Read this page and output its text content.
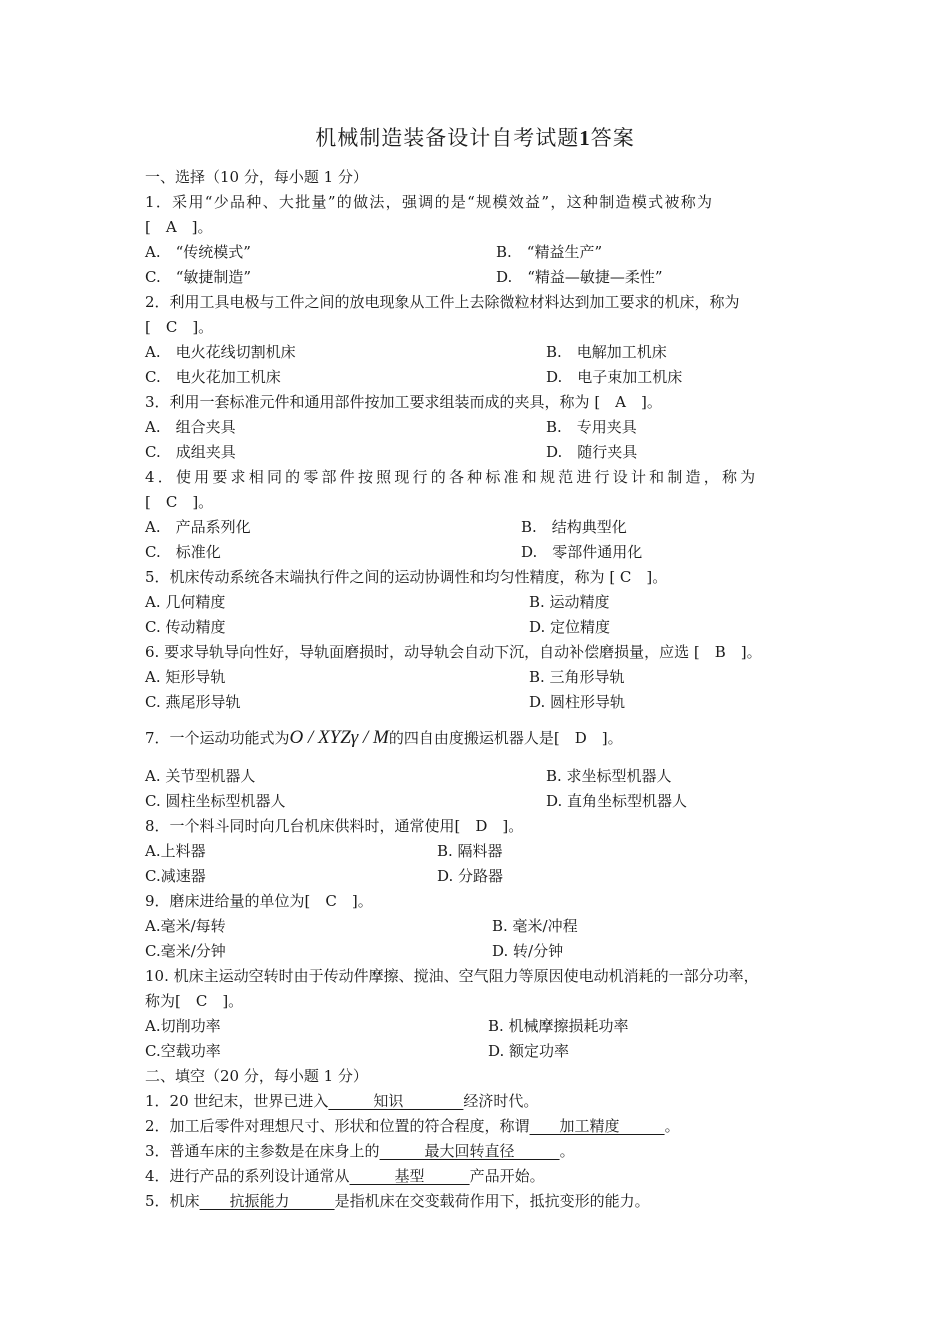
机械制造装备设计自考试题1答案
一、选择（10 分，每小题 1 分）
1．采用“少品种、大批量”的做法，强调的是“规模效益”，这种制造模式被称为
[　A　]。
A.　“传统模式”	B.　“精益生产”
C.　“敏捷制造”	D.　“精益—敏捷—柔性”
2．利用工具电极与工件之间的放电现象从工件上去除微粒材料达到加工要求的机床，称为
[　C　]。
A.　电火花线切割机床	B.　电解加工机床
C.　电火花加工机床	D.　电子束加工机床
3．利用一套标准元件和通用部件按加工要求组装而成的夹具，称为 [　A　]。
A.　组合夹具	B.　专用夹具
C.　成组夹具	D.　随行夹具
4．使用要求相同的零部件按照现行的各种标准和规范进行设计和制造，称为
[　C　]。
A.　产品系列化	B.　结构典型化
C.　标准化	D.　零部件通用化
5．机床传动系统各末端执行件之间的运动协调性和均匀性精度，称为 [ C　]。
A. 几何精度	B. 运动精度
C. 传动精度	D. 定位精度
6. 要求导轨导向性好，导轨面磨损时，动导轨会自动下沉，自动补偿磨损量，应选 [　B　]。
A. 矩形导轨	B. 三角形导轨
C. 燕尾形导轨	D. 圆柱形导轨
7．一个运动功能式为O / XYZγ / M的四自由度搬运机器人是[　D　]。
A. 关节型机器人	B. 求坐标型机器人
C. 圆柱坐标型机器人	D. 直角坐标型机器人
8．一个料斗同时向几台机床供料时，通常使用[　D　]。
A.上料器	B. 隔料器
C.减速器	D. 分路器
9．磨床进给量的单位为[　C　]。
A.毫米/每转	B. 毫米/冲程
C.毫米/分钟	D. 转/分钟
10. 机床主运动空转时由于传动件摩擦、搅油、空气阻力等原因使电动机消耗的一部分功率，
称为[　C　]。
A.切削功率	B. 机械摩擦损耗功率
C.空载功率	D. 额定功率
二、填空（20 分，每小题 1 分）
1．20 世纪末，世界已进入　　　知识　　　　经济时代。
2．加工后零件对理想尺寸、形状和位置的符合程度，称谓　　加工精度　　　。
3．普通车床的主参数是在床身上的　　　最大回转直径　　　。
4．进行产品的系列设计通常从　　　基型　　　产品开始。
5．机床　　抗振能力　　　是指机床在交变载荷作用下，抵抗变形的能力。
